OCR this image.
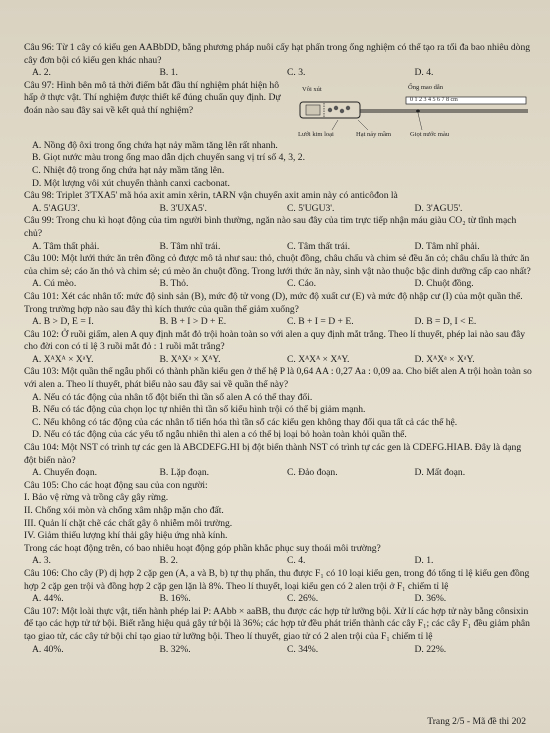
Câu 96: Từ 1 cây có kiểu gen AABbDD, bằng phương pháp nuôi cấy hạt phấn trong ống nghiệm có thể tạo ra tối đa bao nhiêu dòng cây đơn bội có kiểu gen khác nhau?
A. 2.	B. 1.	C. 3.	D. 4.
Câu 97: Hình bên mô tả thời điểm bắt đầu thí nghiệm phát hiện hô hấp ở thực vật. Thí nghiệm được thiết kế đúng chuẩn quy định. Dự đoán nào sau đây sai về kết quả thí nghiệm?
Vôi xút	Ống mao dẫn
0 1 2 3 4 5 6 7 8 cm
Lưới kim loại	Hạt nảy mầm	Giọt nước màu
A. Nồng độ ôxi trong ống chứa hạt nảy mầm tăng lên rất nhanh.
B. Giọt nước màu trong ống mao dẫn dịch chuyển sang vị trí số 4, 3, 2.
C. Nhiệt độ trong ống chứa hạt nảy mầm tăng lên.
D. Một lượng vôi xút chuyển thành canxi cacbonat.
Câu 98: Triplet 3'TXA5' mã hóa axit amin xêrin, tARN vận chuyển axit amin này có anticôđon là
A. 5'AGU3'.	B. 3'UXA5'.	C. 5'UGU3'.	D. 3'AGU5'.
Câu 99: Trong chu kì hoạt động của tim người bình thường, ngăn nào sau đây của tim trực tiếp nhận máu giàu CO₂ từ tĩnh mạch chủ?
A. Tâm thất phải.	B. Tâm nhĩ trái.	C. Tâm thất trái.	D. Tâm nhĩ phải.
Câu 100: Một lưới thức ăn trên đồng cỏ được mô tả như sau: thỏ, chuột đồng, châu chấu và chim sẻ đều ăn cỏ; châu chấu là thức ăn của chim sẻ; cáo ăn thỏ và chim sẻ; cú mèo ăn chuột đồng. Trong lưới thức ăn này, sinh vật nào thuộc bậc dinh dưỡng cấp cao nhất?
A. Cú mèo.	B. Thỏ.	C. Cáo.	D. Chuột đồng.
Câu 101: Xét các nhân tố: mức độ sinh sản (B), mức độ tử vong (D), mức độ xuất cư (E) và mức độ nhập cư (I) của một quần thể. Trong trường hợp nào sau đây thì kích thước của quần thể giảm xuống?
A. B > D, E = I.	B. B + I > D + E.	C. B + I = D + E.	D. B = D, I < E.
Câu 102: Ở ruồi giấm, alen A quy định mắt đỏ trội hoàn toàn so với alen a quy định mắt trắng. Theo lí thuyết, phép lai nào sau đây cho đời con có tỉ lệ 3 ruồi mắt đỏ : 1 ruồi mắt trắng?
A. XᴬXᴬ × XᵃY.	B. XᴬXᵃ × XᴬY.	C. XᴬXᴬ × XᴬY.	D. XᴬXᵃ × XᵃY.
Câu 103: Một quần thể ngẫu phối có thành phần kiểu gen ở thế hệ P là 0,64 AA : 0,27 Aa : 0,09 aa. Cho biết alen A trội hoàn toàn so với alen a. Theo lí thuyết, phát biểu nào sau đây sai về quần thể này?
A. Nếu có tác động của nhân tố đột biến thì tần số alen A có thể thay đổi.
B. Nếu có tác động của chọn lọc tự nhiên thì tần số kiểu hình trội có thể bị giảm mạnh.
C. Nếu không có tác động của các nhân tố tiến hóa thì tần số các kiểu gen không thay đổi qua tất cả các thế hệ.
D. Nếu có tác động của các yếu tố ngẫu nhiên thì alen a có thể bị loại bỏ hoàn toàn khỏi quần thể.
Câu 104: Một NST có trình tự các gen là ABCDEFG.HI bị đột biến thành NST có trình tự các gen là CDEFG.HIAB. Đây là dạng đột biến nào?
A. Chuyển đoạn.	B. Lặp đoạn.	C. Đảo đoạn.	D. Mất đoạn.
Câu 105: Cho các hoạt động sau của con người:
I. Bảo vệ rừng và trồng cây gây rừng.
II. Chống xói mòn và chống xâm nhập mặn cho đất.
III. Quản lí chặt chẽ các chất gây ô nhiễm môi trường.
IV. Giảm thiểu lượng khí thải gây hiệu ứng nhà kính.
Trong các hoạt động trên, có bao nhiêu hoạt động góp phần khắc phục suy thoái môi trường?
A. 3.	B. 2.	C. 4.	D. 1.
Câu 106: Cho cây (P) dị hợp 2 cặp gen (A, a và B, b) tự thụ phấn, thu được F₁ có 10 loại kiểu gen, trong đó tổng tỉ lệ kiểu gen đồng hợp 2 cặp gen trội và đồng hợp 2 cặp gen lặn là 8%. Theo lí thuyết, loại kiểu gen có 2 alen trội ở F₁ chiếm tỉ lệ
A. 44%.	B. 16%.	C. 26%.	D. 36%.
Câu 107: Một loài thực vật, tiến hành phép lai P: AAbb × aaBB, thu được các hợp tử lưỡng bội. Xử lí các hợp tử này bằng cônsixin để tạo các hợp tử tứ bội. Biết rằng hiệu quả gây tứ bội là 36%; các hợp tử đều phát triển thành các cây F₁; các cây F₁ đều giảm phân tạo giao tử, các cây tứ bội chỉ tạo giao tử lưỡng bội. Theo lí thuyết, giao tử có 2 alen trội của F₁ chiếm tỉ lệ
A. 40%.	B. 32%.	C. 34%.	D. 22%.
Trang 2/5 - Mã đề thi 202
